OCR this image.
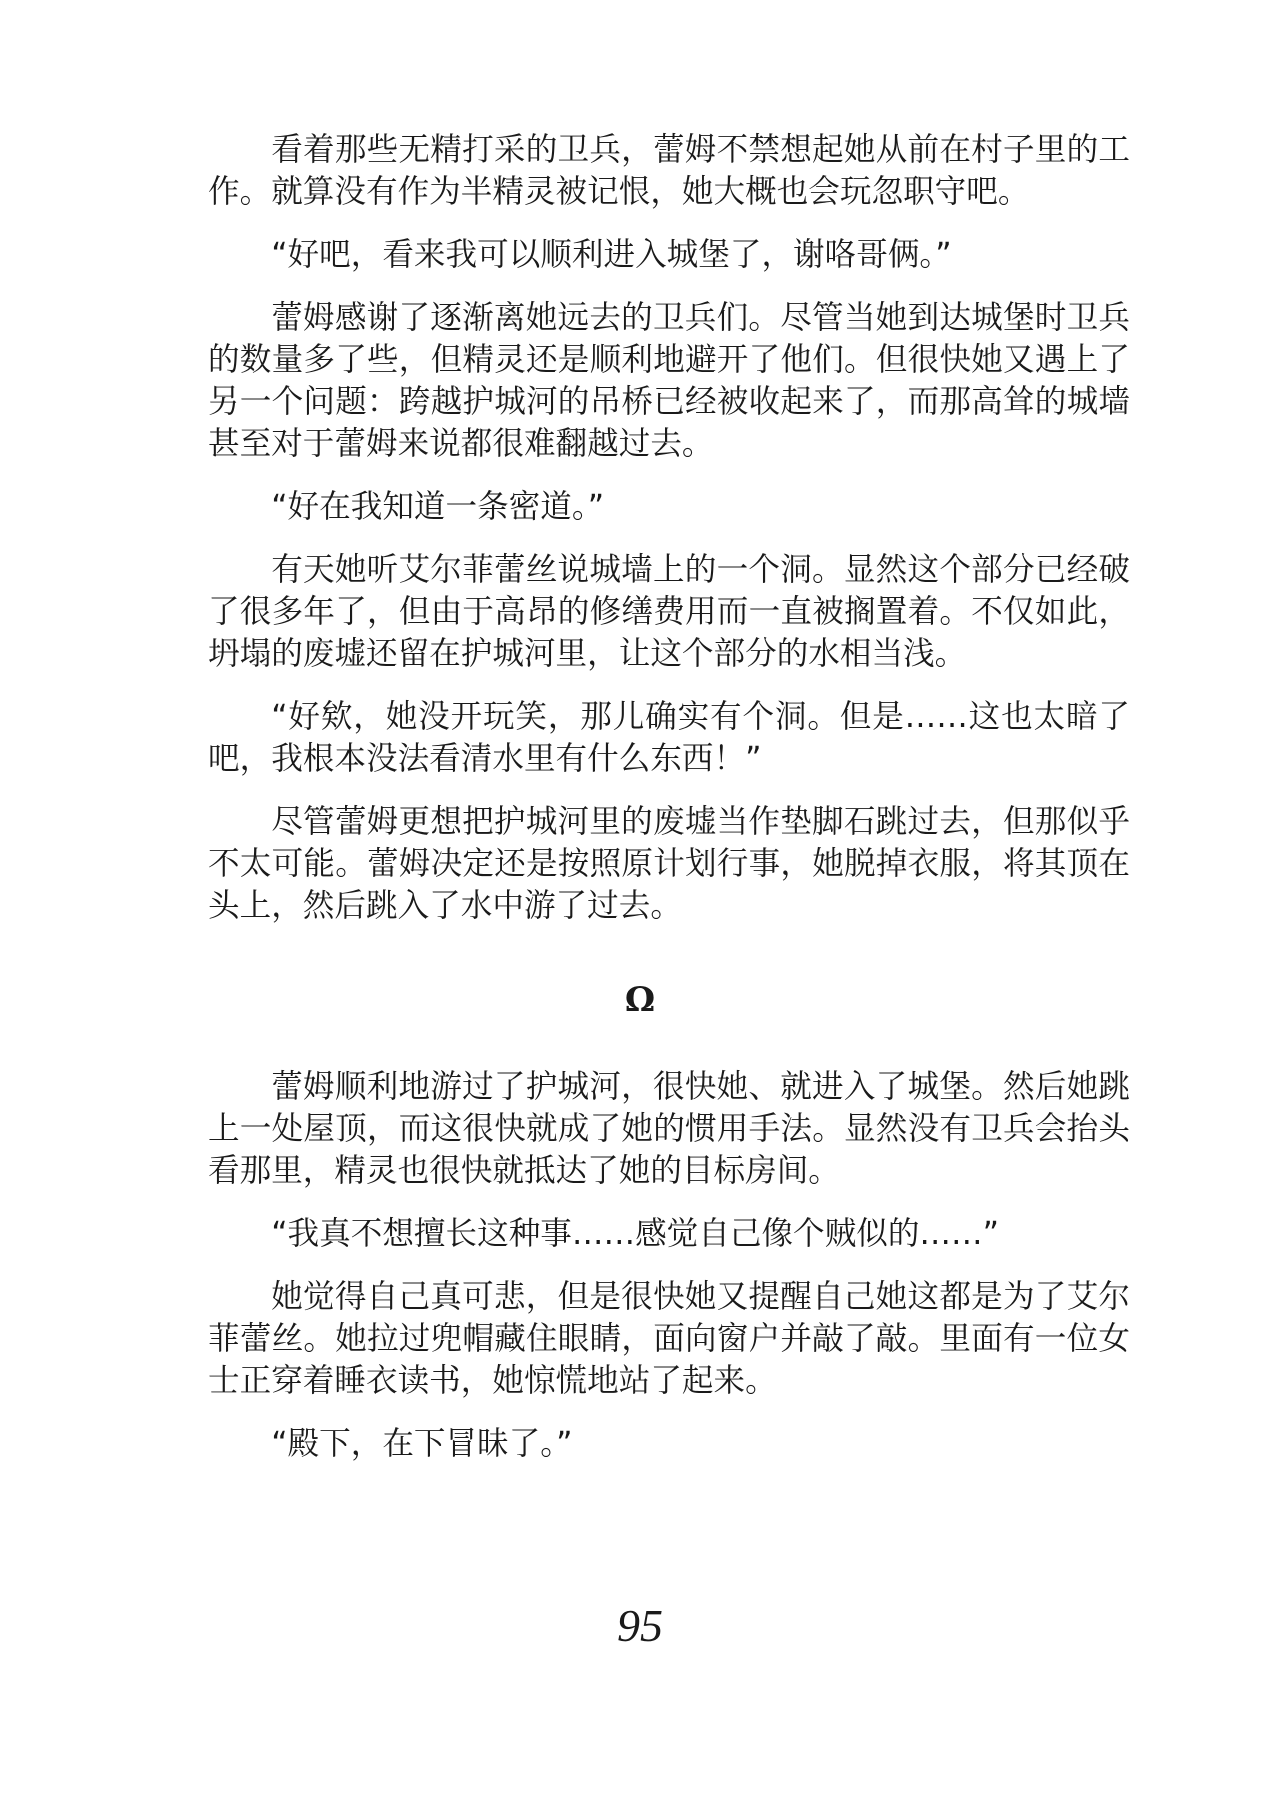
看着那些无精打采的卫兵，蕾姆不禁想起她从前在村子里的工作。就算没有作为半精灵被记恨，她大概也会玩忽职守吧。

“好吧，看来我可以顺利进入城堡了，谢咯哥俩。”

蕾姆感谢了逐渐离她远去的卫兵们。尽管当她到达城堡时卫兵的数量多了些，但精灵还是顺利地避开了他们。但很快她又遇上了另一个问题：跨越护城河的吊桥已经被收起来了，而那高耸的城墙甚至对于蕾姆来说都很难翻越过去。

“好在我知道一条密道。”

有天她听艾尔菲蕾丝说城墙上的一个洞。显然这个部分已经破了很多年了，但由于高昂的修缮费用而一直被搁置着。不仅如此，坍塌的废墟还留在护城河里，让这个部分的水相当浅。

“好欸，她没开玩笑，那儿确实有个洞。但是……这也太暗了吧，我根本没法看清水里有什么东西！”

尽管蕾姆更想把护城河里的废墟当作垫脚石跳过去，但那似乎不太可能。蕾姆决定还是按照原计划行事，她脱掉衣服，将其顶在头上，然后跳入了水中游了过去。

Ω

蕾姆顺利地游过了护城河，很快她、就进入了城堡。然后她跳上一处屋顶，而这很快就成了她的惯用手法。显然没有卫兵会抬头看那里，精灵也很快就抵达了她的目标房间。

“我真不想擅长这种事……感觉自己像个贼似的……”

她觉得自己真可悲，但是很快她又提醒自己她这都是为了艾尔菲蕾丝。她拉过兜帽藏住眼睛，面向窗户并敲了敲。里面有一位女士正穿着睡衣读书，她惊慌地站了起来。

“殿下，在下冒昧了。”

95
